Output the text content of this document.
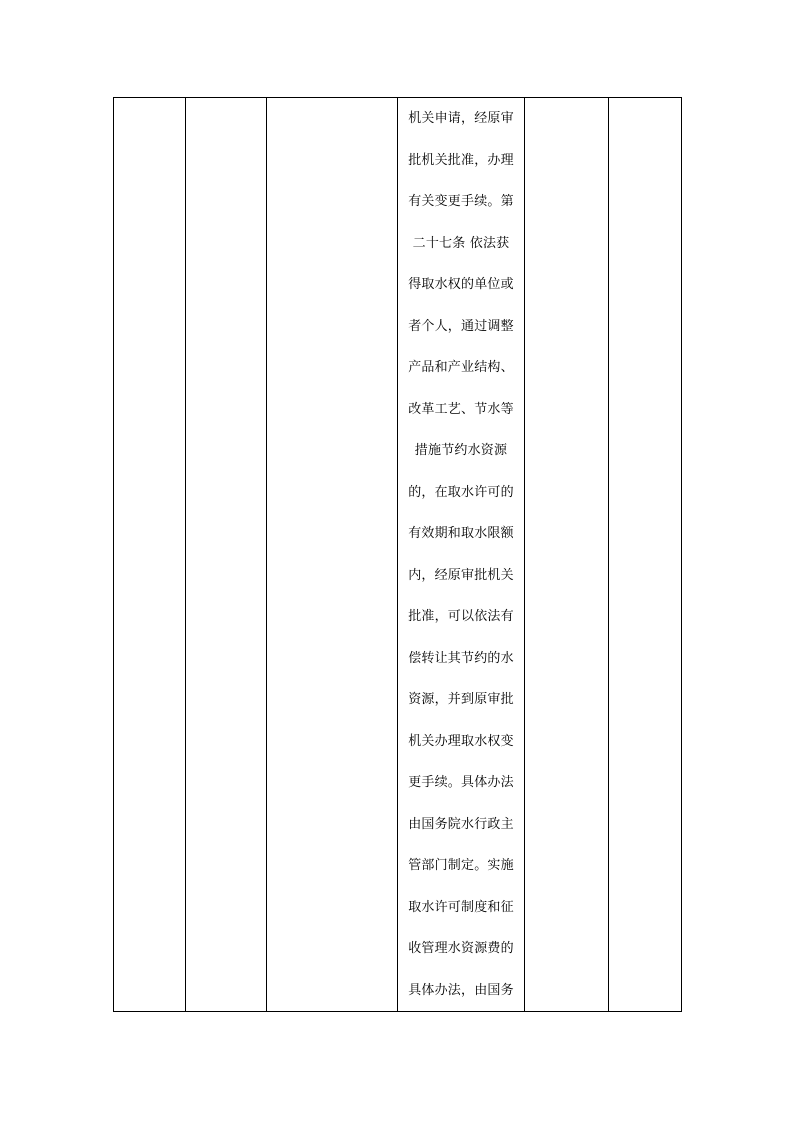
机关申请，经原审
批机关批准，办理
有关变更手续。第
二十七条 依法获
得取水权的单位或
者个人，通过调整
产品和产业结构、
改革工艺、节水等
措施节约水资源
的，在取水许可的
有效期和取水限额
内，经原审批机关
批准，可以依法有
偿转让其节约的水
资源，并到原审批
机关办理取水权变
更手续。具体办法
由国务院水行政主
管部门制定。实施
取水许可制度和征
收管理水资源费的
具体办法，由国务
